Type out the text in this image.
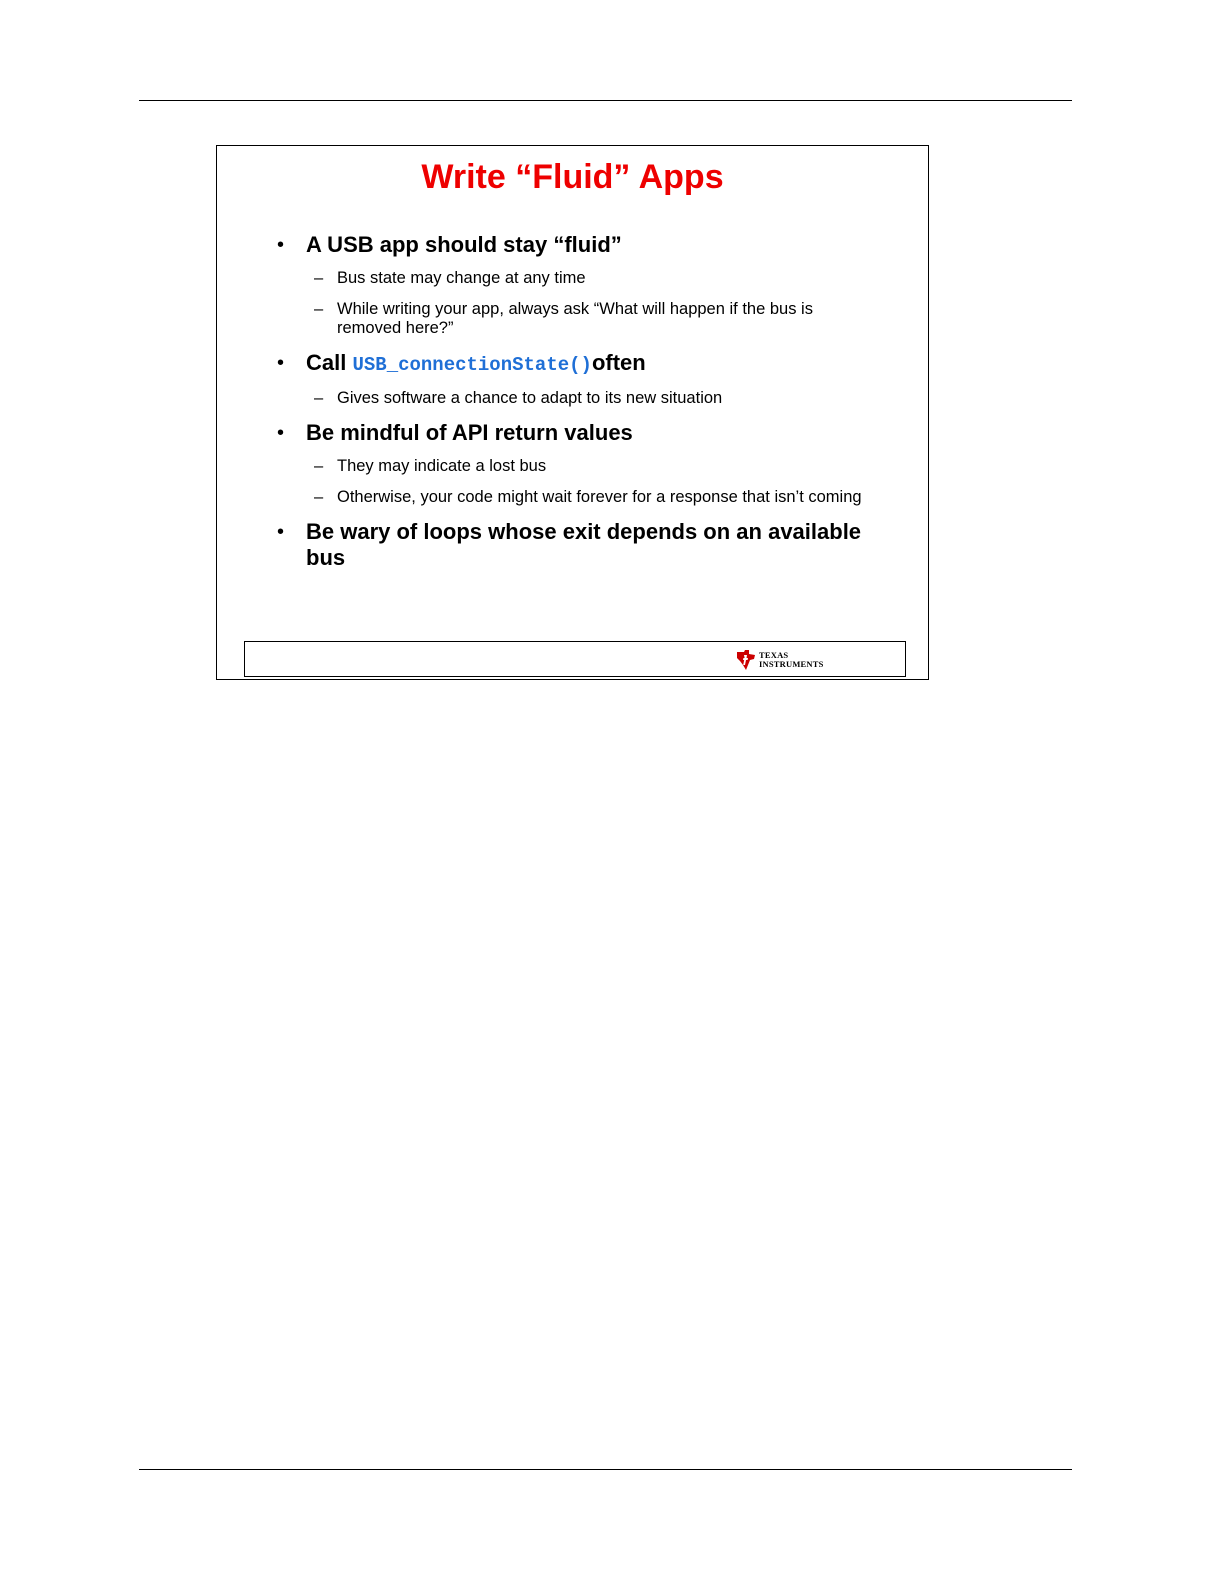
Write “Fluid” Apps
• A USB app should stay “fluid”
– Bus state may change at any time
– While writing your app, always ask “What will happen if the bus is removed here?”
• Call USB_connectionState()often
– Gives software a chance to adapt to its new situation
• Be mindful of API return values
– They may indicate a lost bus
– Otherwise, your code might wait forever for a response that isn’t coming
• Be wary of loops whose exit depends on an available bus
TEXAS
INSTRUMENTS
